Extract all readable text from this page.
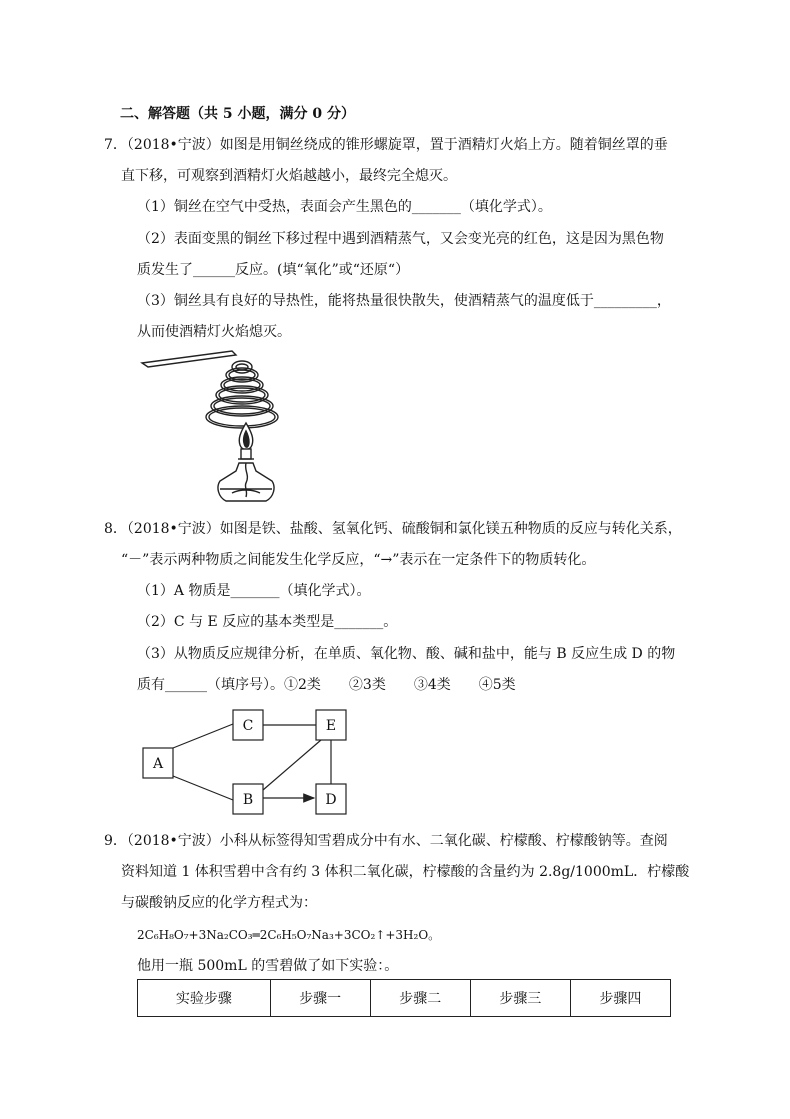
二、解答题（共 5 小题，满分 0 分）
7．（2018•宁波）如图是用铜丝绕成的锥形螺旋罩，置于酒精灯火焰上方。随着铜丝罩的垂
直下移，可观察到酒精灯火焰越越小，最终完全熄灭。
（1）铜丝在空气中受热，表面会产生黑色的_______（填化学式）。
（2）表面变黑的铜丝下移过程中遇到酒精蒸气，又会变光亮的红色，这是因为黑色物
质发生了______反应。(填“氧化”或“还原“）
（3）铜丝具有良好的导热性，能将热量很快散失，使酒精蒸气的温度低于_________，
从而使酒精灯火焰熄灭。
8．（2018•宁波）如图是铁、盐酸、氢氧化钙、硫酸铜和氯化镁五种物质的反应与转化关系，
“－”表示两种物质之间能发生化学反应，“→”表示在一定条件下的物质转化。
（1）A 物质是_______（填化学式）。
（2）C 与 E 反应的基本类型是_______。
（3）从物质反应规律分析，在单质、氧化物、酸、碱和盐中，能与 B 反应生成 D 的物
质有______（填序号）。①2类　　②3类　　③4类　　④5类
A
C	E
B	D
9．（2018•宁波）小科从标签得知雪碧成分中有水、二氧化碳、柠檬酸、柠檬酸钠等。查阅
资料知道 1 体积雪碧中含有约 3 体积二氧化碳，柠檬酸的含量约为 2.8g/1000mL．柠檬酸
与碳酸钠反应的化学方程式为：
2C₆H₈O₇+3Na₂CO₃═2C₆H₅O₇Na₃+3CO₂↑+3H₂O。
他用一瓶 500mL 的雪碧做了如下实验：。
实验步骤	步骤一	步骤二	步骤三	步骤四
